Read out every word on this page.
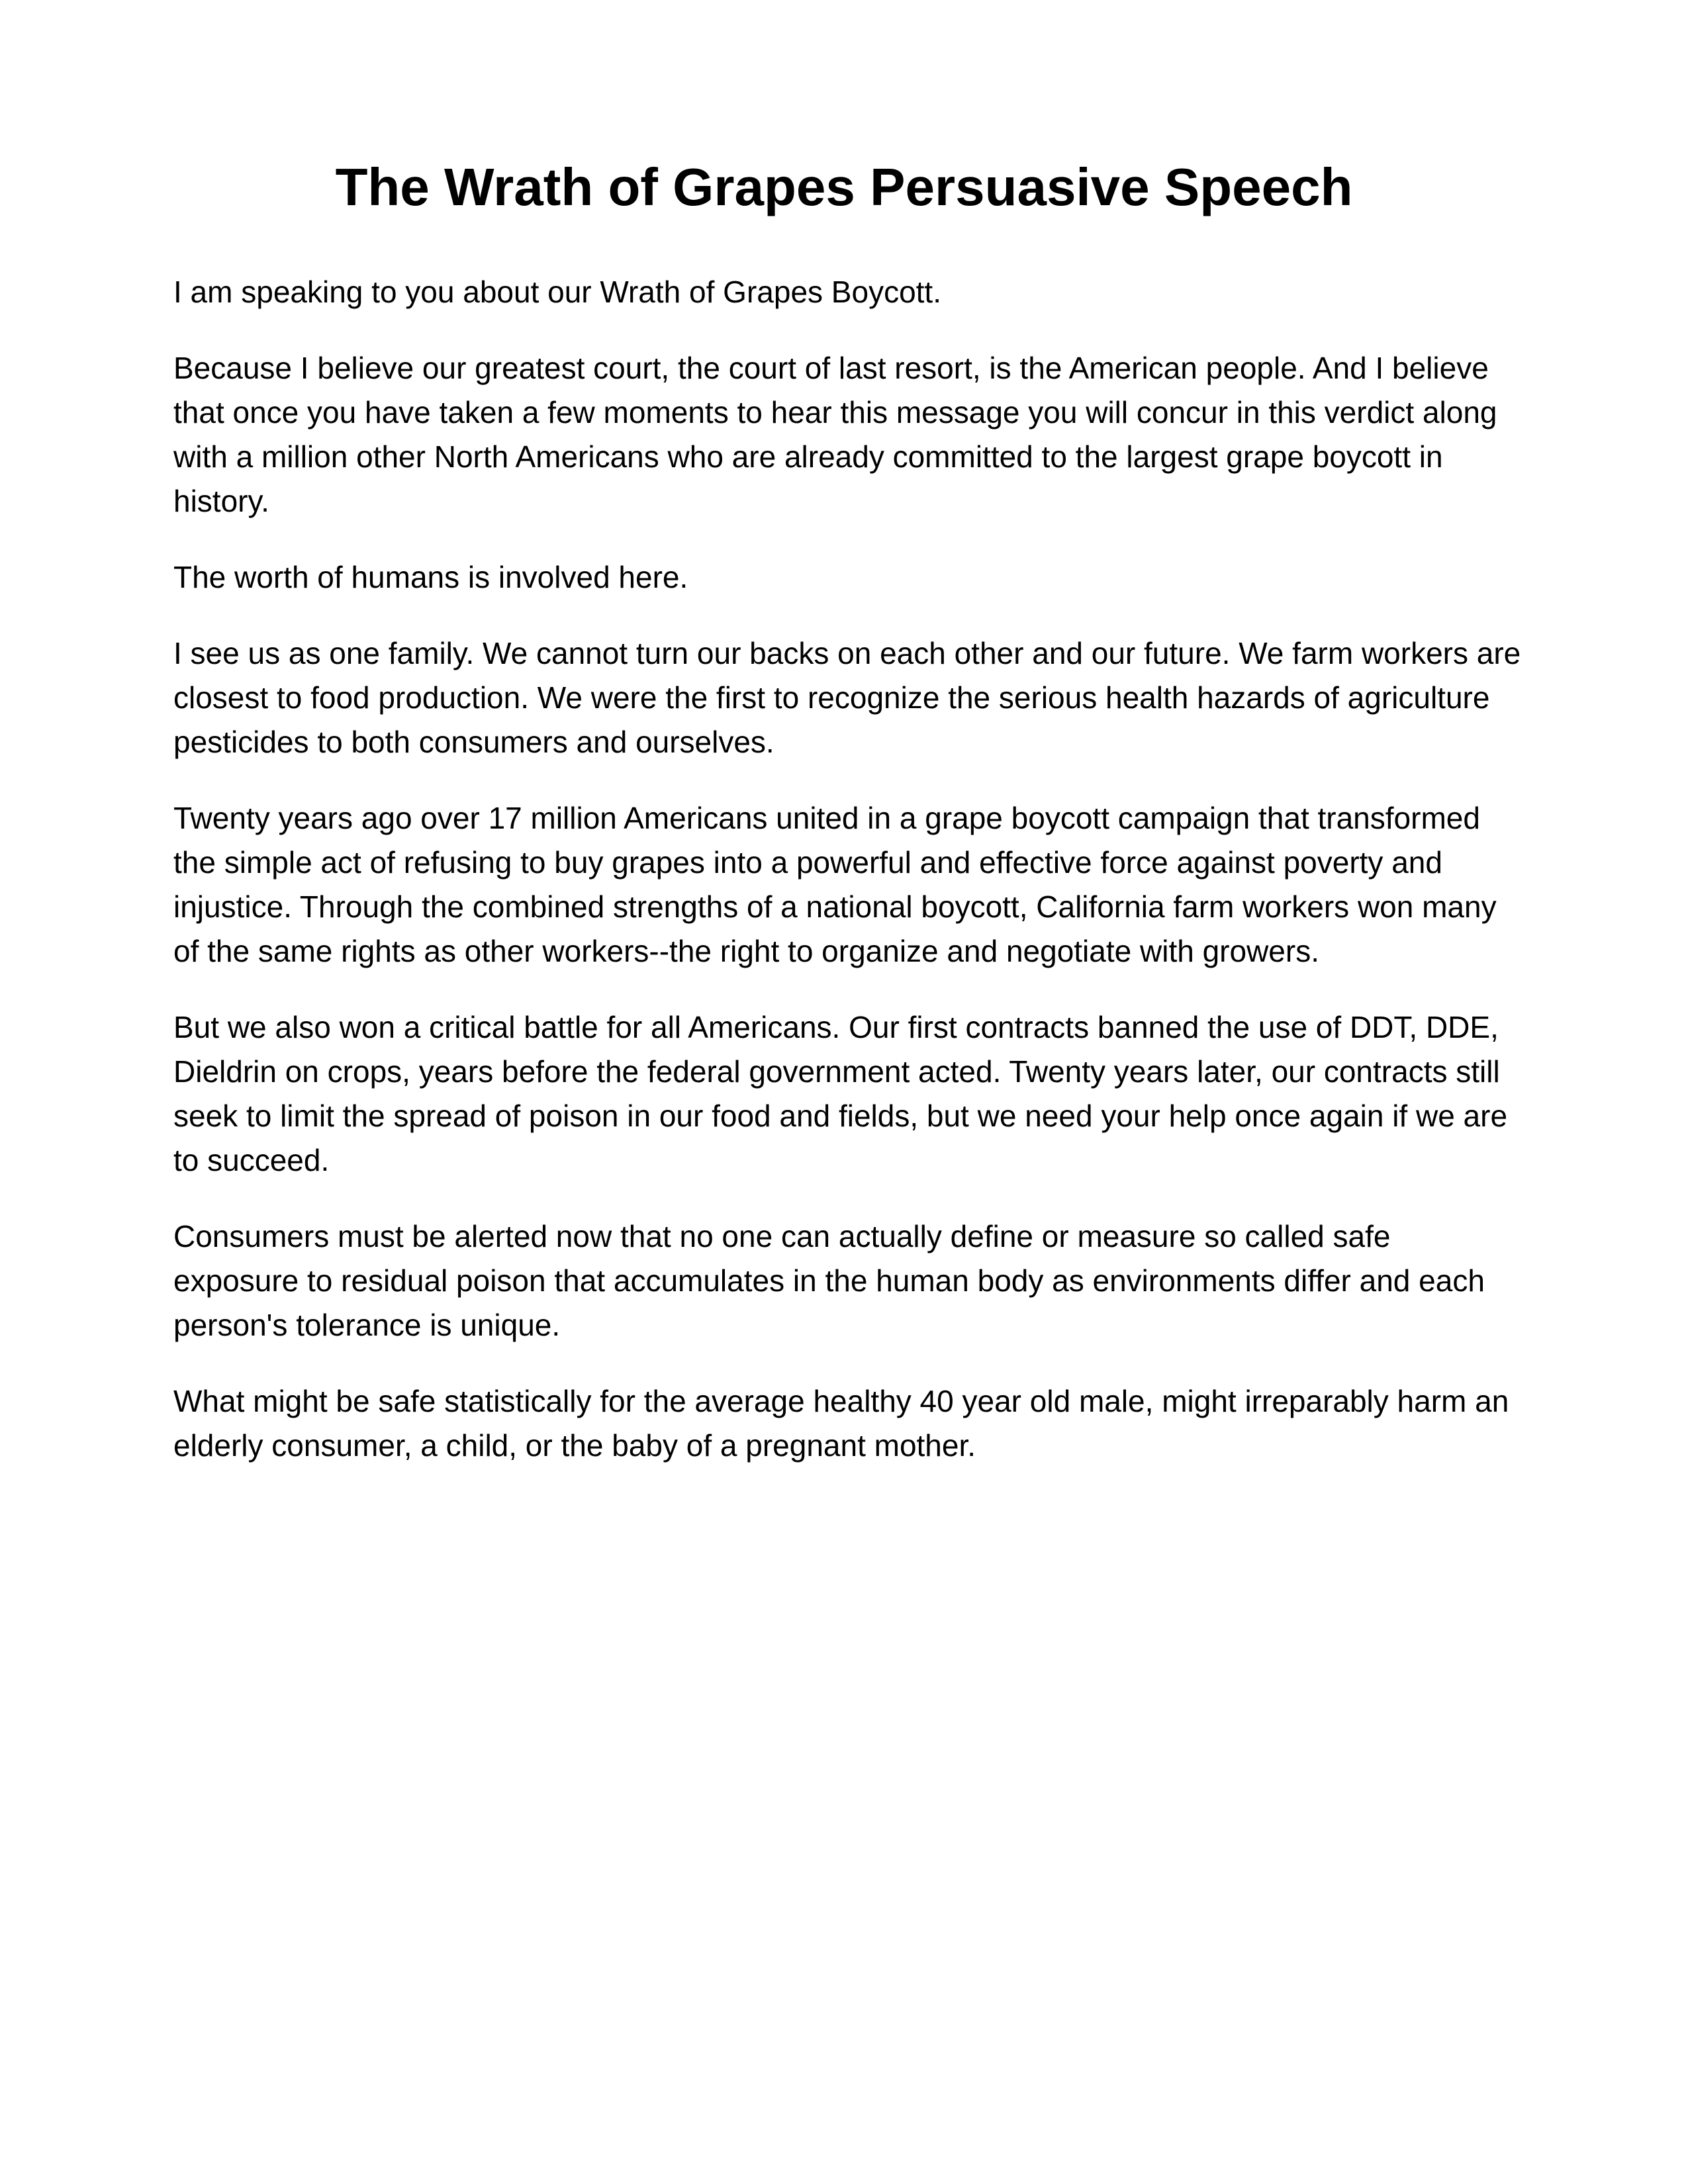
The Wrath of Grapes Persuasive Speech

I am speaking to you about our Wrath of Grapes Boycott.

Because I believe our greatest court, the court of last resort, is the American people. And I believe that once you have taken a few moments to hear this message you will concur in this verdict along with a million other North Americans who are already committed to the largest grape boycott in history.

The worth of humans is involved here.

I see us as one family. We cannot turn our backs on each other and our future. We farm workers are closest to food production. We were the first to recognize the serious health hazards of agriculture pesticides to both consumers and ourselves.

Twenty years ago over 17 million Americans united in a grape boycott campaign that transformed the simple act of refusing to buy grapes into a powerful and effective force against poverty and injustice. Through the combined strengths of a national boycott, California farm workers won many of the same rights as other workers--the right to organize and negotiate with growers.

But we also won a critical battle for all Americans. Our first contracts banned the use of DDT, DDE, Dieldrin on crops, years before the federal government acted. Twenty years later, our contracts still seek to limit the spread of poison in our food and fields, but we need your help once again if we are to succeed.

Consumers must be alerted now that no one can actually define or measure so called safe exposure to residual poison that accumulates in the human body as environments differ and each person's tolerance is unique.

What might be safe statistically for the average healthy 40 year old male, might irreparably harm an elderly consumer, a child, or the baby of a pregnant mother.
